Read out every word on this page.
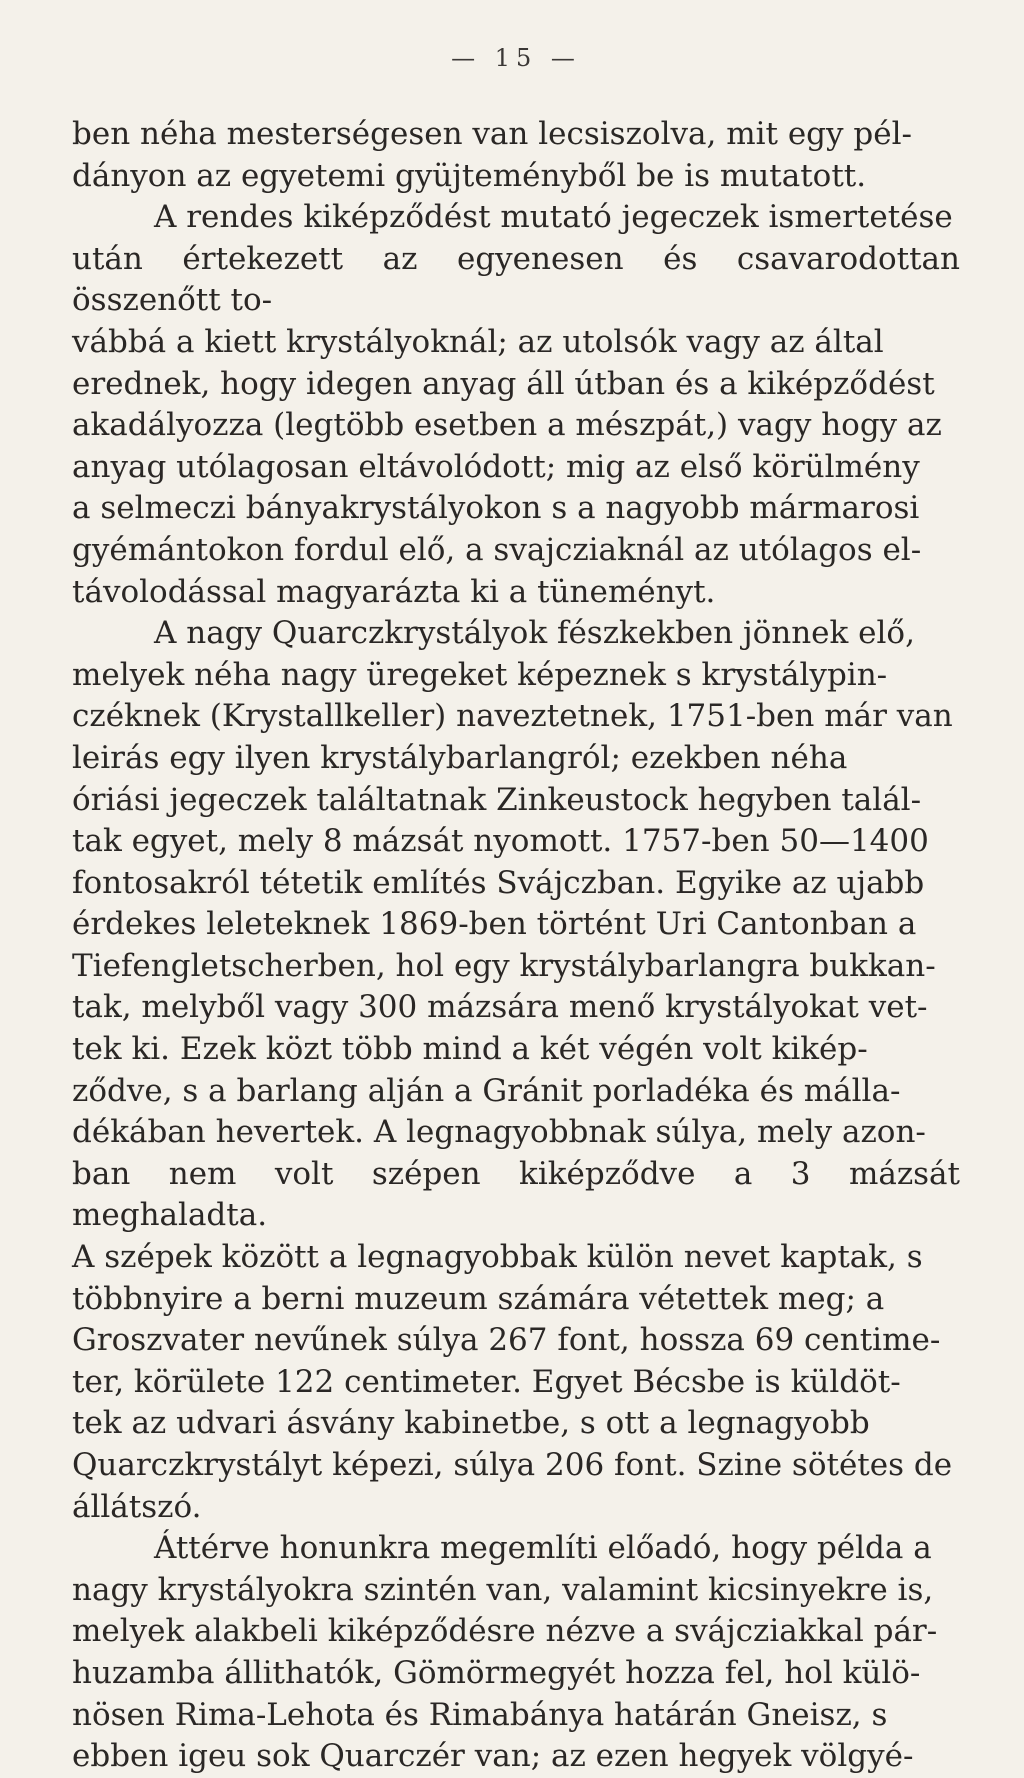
— 15 —
ben néha mesterségesen van lecsiszolva, mit egy pél-
dányon az egyetemi gyüjteményből be is mutatott.
A rendes kiképződést mutató jegeczek ismertetése
után értekezett az egyenesen és csavarodottan összenőtt to-
vábbá a kiett krystályoknál; az utolsók vagy az által
erednek, hogy idegen anyag áll útban és a kiképződést
akadályozza (legtöbb esetben a mészpát,) vagy hogy az
anyag utólagosan eltávolódott; mig az első körülmény
a selmeczi bányakrystályokon s a nagyobb mármarosi
gyémántokon fordul elő, a svajcziaknál az utólagos el-
távolodással magyarázta ki a tüneményt.
A nagy Quarczkrystályok fészkekben jönnek elő,
melyek néha nagy üregeket képeznek s krystálypin-
czéknek (Krystallkeller) naveztetnek, 1751-ben már van
leirás egy ilyen krystálybarlangról; ezekben néha
óriási jegeczek találtatnak Zinkeustock hegyben talál-
tak egyet, mely 8 mázsát nyomott. 1757-ben 50—1400
fontosakról tétetik említés Svájczban. Egyike az ujabb
érdekes leleteknek 1869-ben történt Uri Cantonban a
Tiefengletscherben, hol egy krystálybarlangra bukkan-
tak, melyből vagy 300 mázsára menő krystályokat vet-
tek ki. Ezek közt több mind a két végén volt kikép-
ződve, s a barlang alján a Gránit porladéka és málla-
dékában hevertek. A legnagyobbnak súlya, mely azon-
ban nem volt szépen kiképződve a 3 mázsát meghaladta.
A szépek között a legnagyobbak külön nevet kaptak, s
többnyire a berni muzeum számára vétettek meg; a
Groszvater nevűnek súlya 267 font, hossza 69 centime-
ter, körülete 122 centimeter. Egyet Bécsbe is küldöt-
tek az udvari ásvány kabinetbe, s ott a legnagyobb
Quarczkrystályt képezi, súlya 206 font. Szine sötétes de
állátszó.
Áttérve honunkra megemlíti előadó, hogy példa a
nagy krystályokra szintén van, valamint kicsinyekre is,
melyek alakbeli kiképződésre nézve a svájcziakkal pár-
huzamba állithatók, Gömörmegyét hozza fel, hol külö-
nösen Rima-Lehota és Rimabánya határán Gneisz, s
ebben igeu sok Quarczér van; az ezen hegyek völgyé-
